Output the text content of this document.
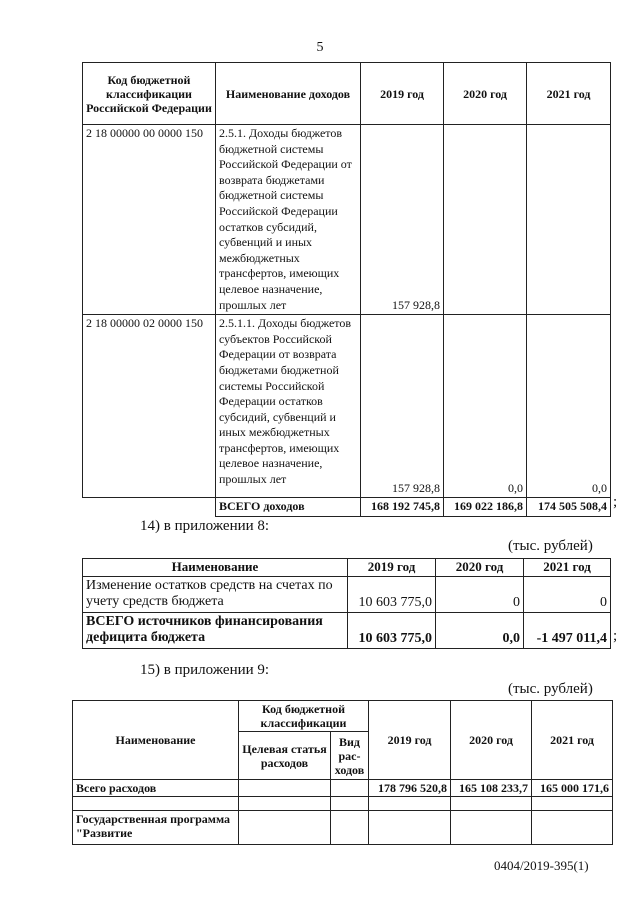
5
Код бюджетной классификации Российской Федерации	Наименование доходов	2019 год	2020 год	2021 год
2 18 00000 00 0000 150	2.5.1. Доходы бюджетов бюджетной системы Российской Федерации от возврата бюджетами бюджетной системы Российской Федерации остатков субсидий, субвенций и иных межбюджетных трансфертов, имеющих целевое назначение, прошлых лет	157 928,8		
2 18 00000 02 0000 150	2.5.1.1. Доходы бюджетов субъектов Российской Федерации от возврата бюджетами бюджетной системы Российской Федерации остатков субсидий, субвенций и иных межбюджетных трансфертов, имеющих целевое назначение, прошлых лет	157 928,8	0,0	0,0
	ВСЕГО доходов	168 192 745,8	169 022 186,8	174 505 508,4 ;
14) в приложении 8:
(тыс. рублей)
Наименование	2019 год	2020 год	2021 год
Изменение остатков средств на счетах по учету средств бюджета	10 603 775,0	0	0
ВСЕГО источников финансирования дефицита бюджета	10 603 775,0	0,0	-1 497 011,4 ;
15) в приложении 9:
(тыс. рублей)
Наименование	Код бюджетной классификации		2019 год	2020 год	2021 год
	Целевая статья расходов	Вид рас-ходов			
Всего расходов			178 796 520,8	165 108 233,7	165 000 171,6

Государственная программа "Развитие					
0404/2019-395(1)
